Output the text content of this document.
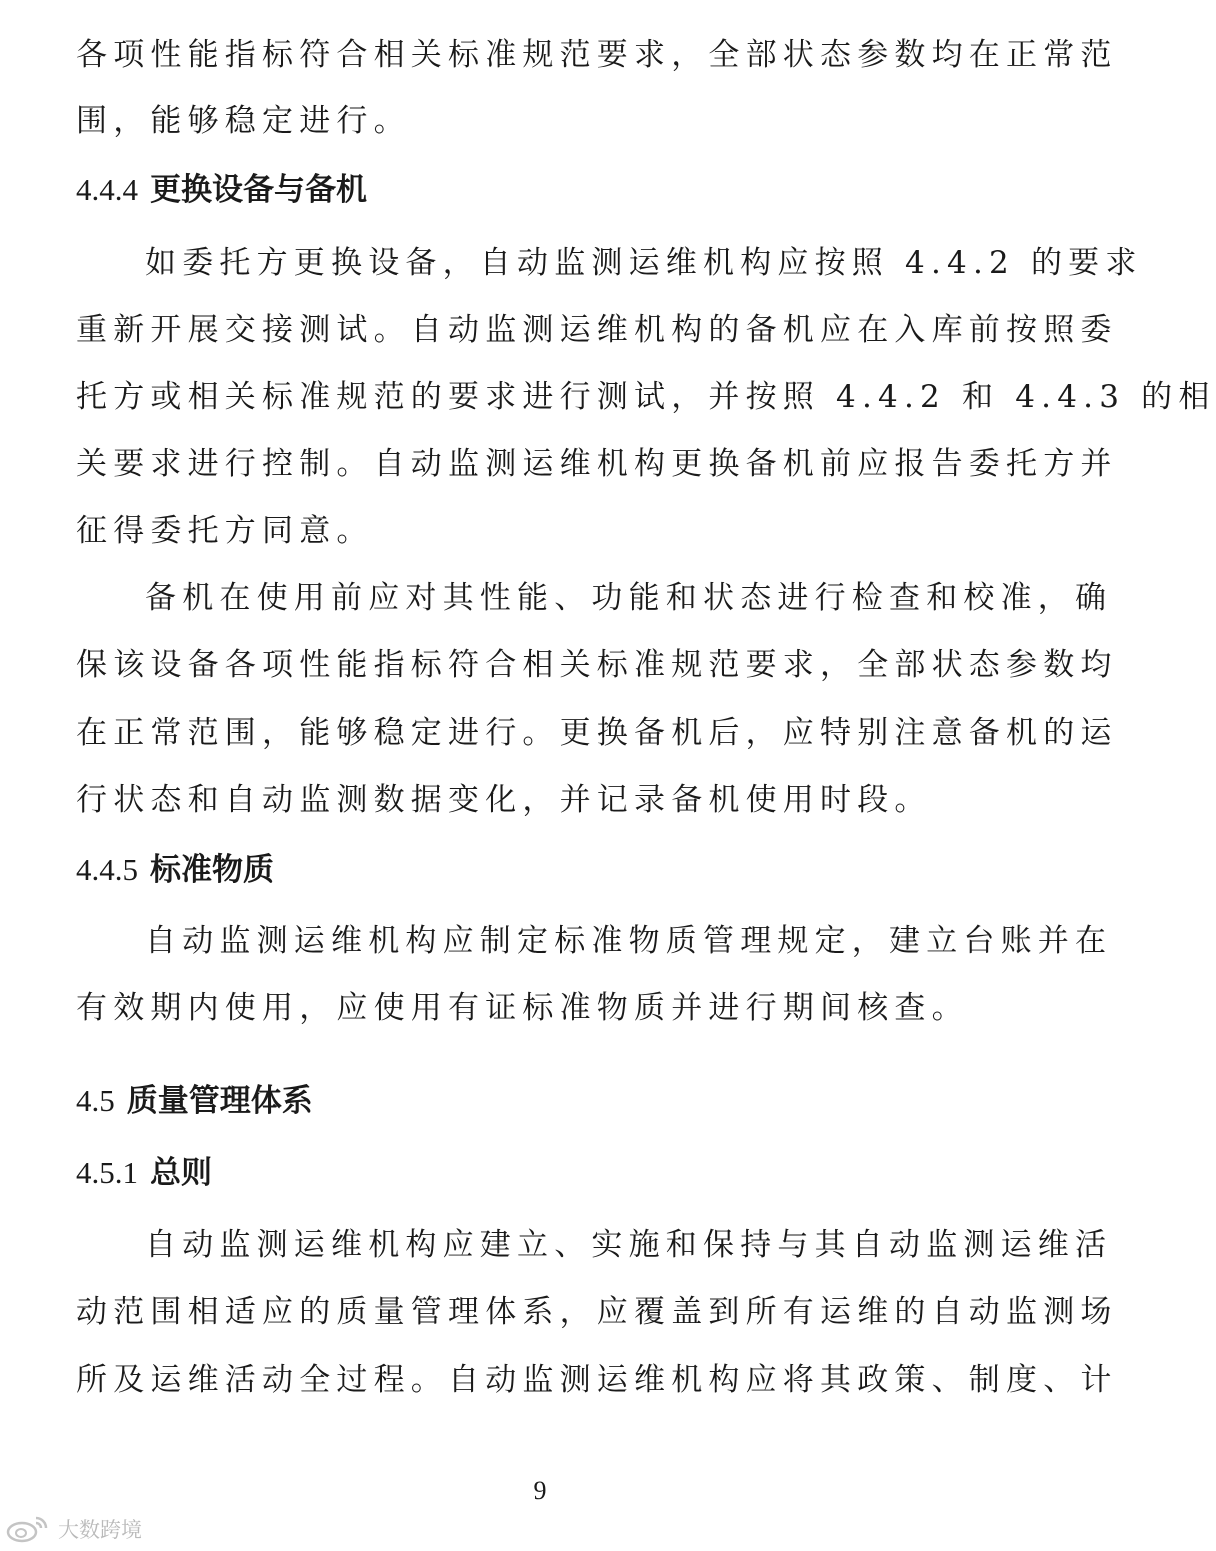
各项性能指标符合相关标准规范要求，全部状态参数均在正常范
围，能够稳定进行。
4.4.4 更换设备与备机
如委托方更换设备，自动监测运维机构应按照 4.4.2 的要求
重新开展交接测试。自动监测运维机构的备机应在入库前按照委
托方或相关标准规范的要求进行测试，并按照 4.4.2 和 4.4.3 的相
关要求进行控制。自动监测运维机构更换备机前应报告委托方并
征得委托方同意。
备机在使用前应对其性能、功能和状态进行检查和校准，确
保该设备各项性能指标符合相关标准规范要求，全部状态参数均
在正常范围，能够稳定进行。更换备机后，应特别注意备机的运
行状态和自动监测数据变化，并记录备机使用时段。
4.4.5 标准物质
自动监测运维机构应制定标准物质管理规定，建立台账并在
有效期内使用，应使用有证标准物质并进行期间核查。
4.5 质量管理体系
4.5.1 总则
自动监测运维机构应建立、实施和保持与其自动监测运维活
动范围相适应的质量管理体系，应覆盖到所有运维的自动监测场
所及运维活动全过程。自动监测运维机构应将其政策、制度、计
9
大数跨境
